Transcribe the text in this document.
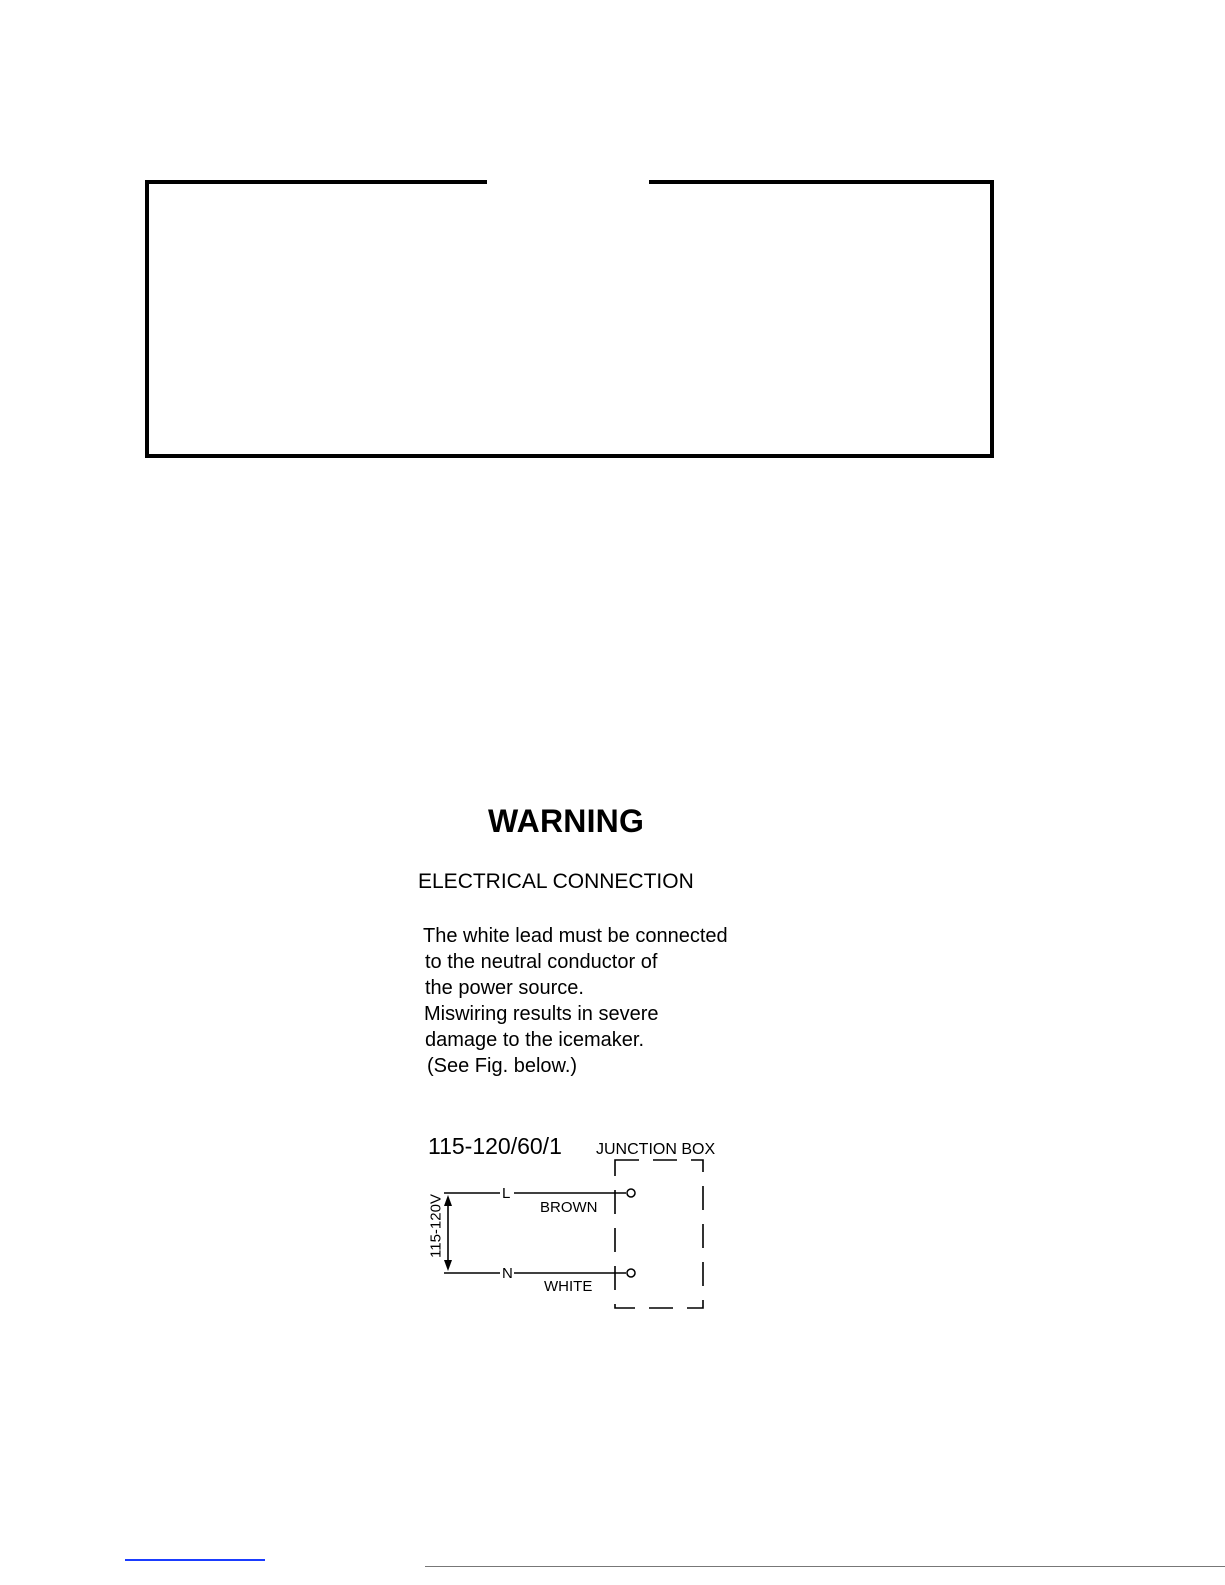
WARNING
ELECTRICAL CONNECTION
The white lead must be connected
to the neutral conductor of
the power source.
Miswiring results in severe
damage to the icemaker.
(See Fig. below.)
115-120/60/1 JUNCTION BOX
L
N
BROWN
WHITE
115-120V
